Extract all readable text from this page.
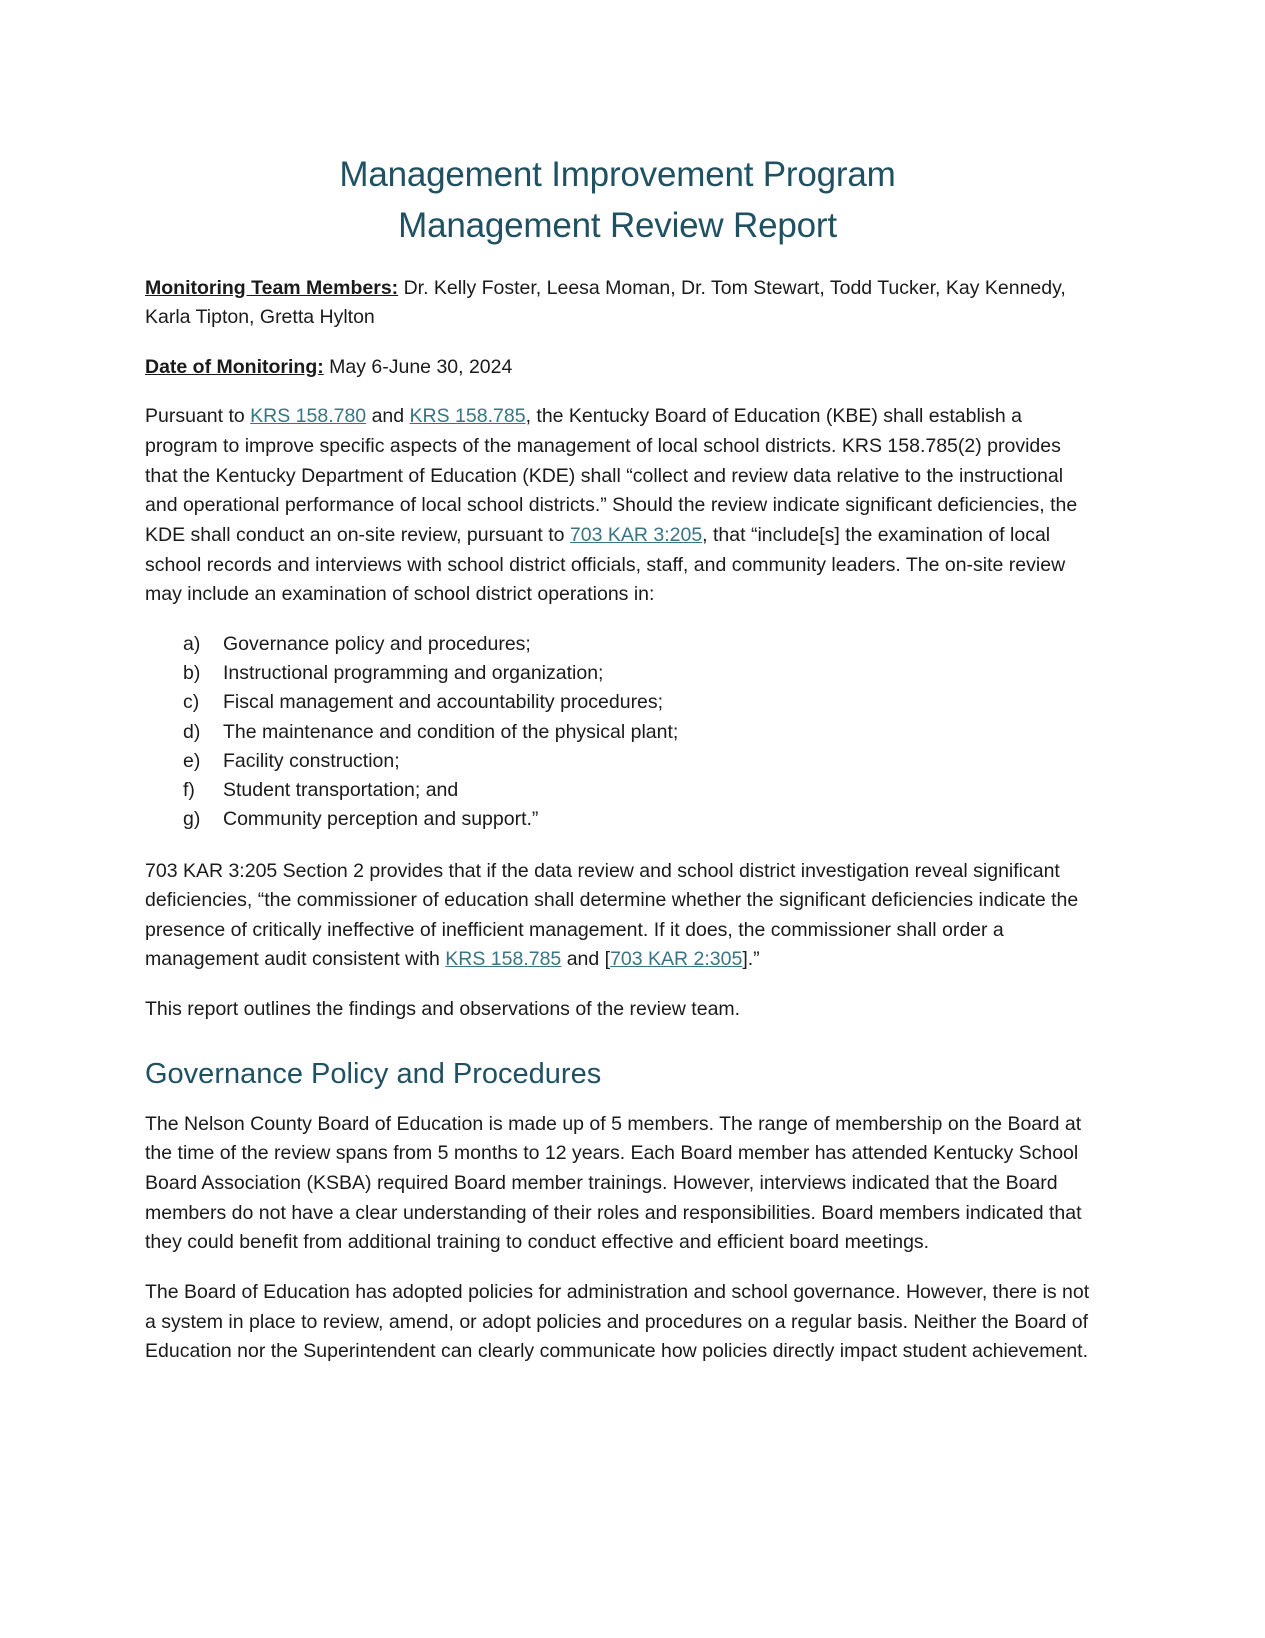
Management Improvement Program
Management Review Report
Monitoring Team Members: Dr. Kelly Foster, Leesa Moman, Dr. Tom Stewart, Todd Tucker, Kay Kennedy, Karla Tipton, Gretta Hylton
Date of Monitoring: May 6-June 30, 2024

Pursuant to KRS 158.780 and KRS 158.785, the Kentucky Board of Education (KBE) shall establish a program to improve specific aspects of the management of local school districts. KRS 158.785(2) provides that the Kentucky Department of Education (KDE) shall “collect and review data relative to the instructional and operational performance of local school districts.” Should the review indicate significant deficiencies, the KDE shall conduct an on-site review, pursuant to 703 KAR 3:205, that “include[s] the examination of local school records and interviews with school district officials, staff, and community leaders. The on-site review may include an examination of school district operations in:

a)	Governance policy and procedures;
b)	Instructional programming and organization;
c)	Fiscal management and accountability procedures;
d)	The maintenance and condition of the physical plant;
e)	Facility construction;
f)	Student transportation; and
g)	Community perception and support.”

703 KAR 3:205 Section 2 provides that if the data review and school district investigation reveal significant deficiencies, “the commissioner of education shall determine whether the significant deficiencies indicate the presence of critically ineffective of inefficient management. If it does, the commissioner shall order a management audit consistent with KRS 158.785 and [703 KAR 2:305].”

This report outlines the findings and observations of the review team.

Governance Policy and Procedures

The Nelson County Board of Education is made up of 5 members. The range of membership on the Board at the time of the review spans from 5 months to 12 years. Each Board member has attended Kentucky School Board Association (KSBA) required Board member trainings. However, interviews indicated that the Board members do not have a clear understanding of their roles and responsibilities. Board members indicated that they could benefit from additional training to conduct effective and efficient board meetings.

The Board of Education has adopted policies for administration and school governance. However, there is not a system in place to review, amend, or adopt policies and procedures on a regular basis. Neither the Board of Education nor the Superintendent can clearly communicate how policies directly impact student achievement.
